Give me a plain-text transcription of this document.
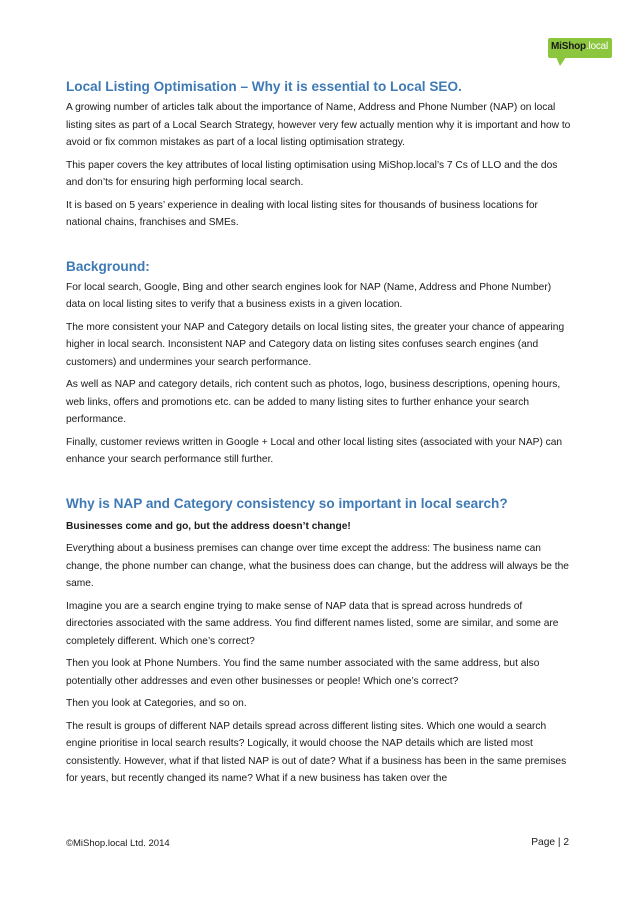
MiShop.local
Local Listing Optimisation – Why it is essential to Local SEO.

A growing number of articles talk about the importance of Name, Address and Phone Number (NAP) on local listing sites as part of a Local Search Strategy, however very few actually mention why it is important and how to avoid or fix common mistakes as part of a local listing optimisation strategy.

This paper covers the key attributes of local listing optimisation using MiShop.local’s 7 Cs of LLO and the dos and don’ts for ensuring high performing local search.

It is based on 5 years’ experience in dealing with local listing sites for thousands of business locations for national chains, franchises and SMEs.

Background:

For local search, Google, Bing and other search engines look for NAP (Name, Address and Phone Number) data on local listing sites to verify that a business exists in a given location.

The more consistent your NAP and Category details on local listing sites, the greater your chance of appearing higher in local search. Inconsistent NAP and Category data on listing sites confuses search engines (and customers) and undermines your search performance.

As well as NAP and category details, rich content such as photos, logo, business descriptions, opening hours, web links, offers and promotions etc. can be added to many listing sites to further enhance your search performance.

Finally, customer reviews written in Google + Local and other local listing sites (associated with your NAP) can enhance your search performance still further.

Why is NAP and Category consistency so important in local search?

Businesses come and go, but the address doesn’t change!

Everything about a business premises can change over time except the address: The business name can change, the phone number can change, what the business does can change, but the address will always be the same.

Imagine you are a search engine trying to make sense of NAP data that is spread across hundreds of directories associated with the same address. You find different names listed, some are similar, and some are completely different. Which one’s correct?

Then you look at Phone Numbers. You find the same number associated with the same address, but also potentially other addresses and even other businesses or people! Which one’s correct?

Then you look at Categories, and so on.

The result is groups of different NAP details spread across different listing sites. Which one would a search engine prioritise in local search results? Logically, it would choose the NAP details which are listed most consistently. However, what if that listed NAP is out of date? What if a business has been in the same premises for years, but recently changed its name? What if a new business has taken over the

©MiShop.local Ltd. 2014	Page | 2
